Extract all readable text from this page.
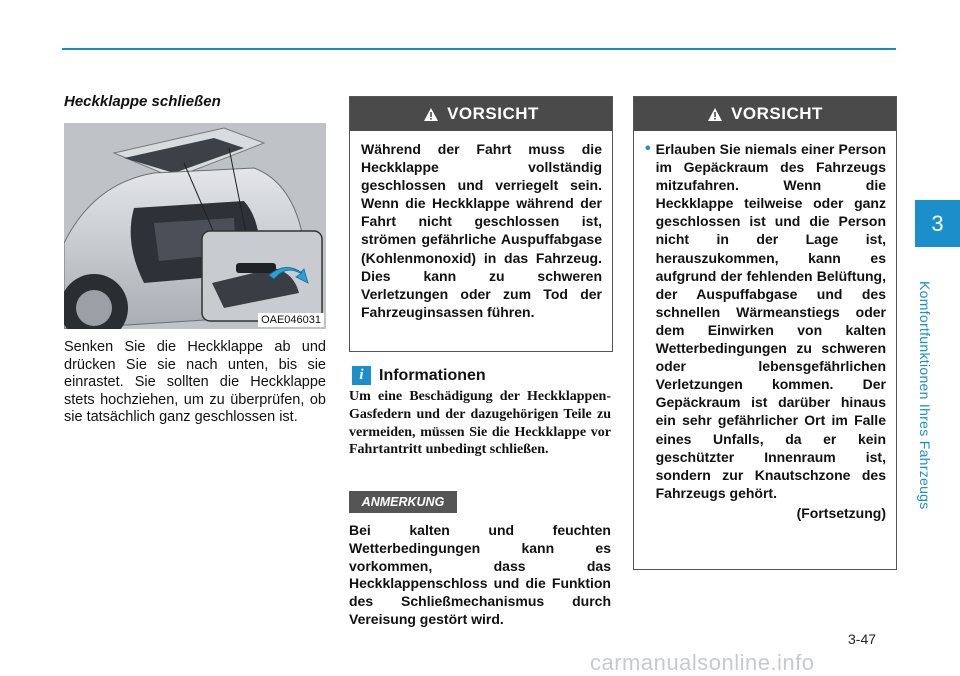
3
Komfortfunktionen Ihres Fahrzeugs
Heckklappe schließen
OAE046031
Senken Sie die Heckklappe ab und drücken Sie sie nach unten, bis sie einrastet. Sie sollten die Heckklappe stets hochziehen, um zu überprüfen, ob sie tatsächlich ganz geschlossen ist.
VORSICHT
Während der Fahrt muss die Heckklappe vollständig geschlossen und verriegelt sein. Wenn die Heckklappe während der Fahrt nicht geschlossen ist, strömen gefährliche Auspuffabgase (Kohlenmonoxid) in das Fahrzeug. Dies kann zu schweren Verletzungen oder zum Tod der Fahrzeuginsassen führen.
i Informationen
Um eine Beschädigung der Heckklappen-Gasfedern und der dazugehörigen Teile zu vermeiden, müssen Sie die Heckklappe vor Fahrtantritt unbedingt schließen.
ANMERKUNG
Bei kalten und feuchten Wetterbedingungen kann es vorkommen, dass das Heckklappenschloss und die Funktion des Schließmechanismus durch Vereisung gestört wird.
VORSICHT
• Erlauben Sie niemals einer Person im Gepäckraum des Fahrzeugs mitzufahren. Wenn die Heckklappe teilweise oder ganz geschlossen ist und die Person nicht in der Lage ist, herauszukommen, kann es aufgrund der fehlenden Belüftung, der Auspuffabgase und des schnellen Wärmeanstiegs oder dem Einwirken von kalten Wetterbedingungen zu schweren oder lebensgefährlichen Verletzungen kommen. Der Gepäckraum ist darüber hinaus ein sehr gefährlicher Ort im Falle eines Unfalls, da er kein geschützter Innenraum ist, sondern zur Knautschzone des Fahrzeugs gehört.
(Fortsetzung)
3-47
carmanualsonline.info
